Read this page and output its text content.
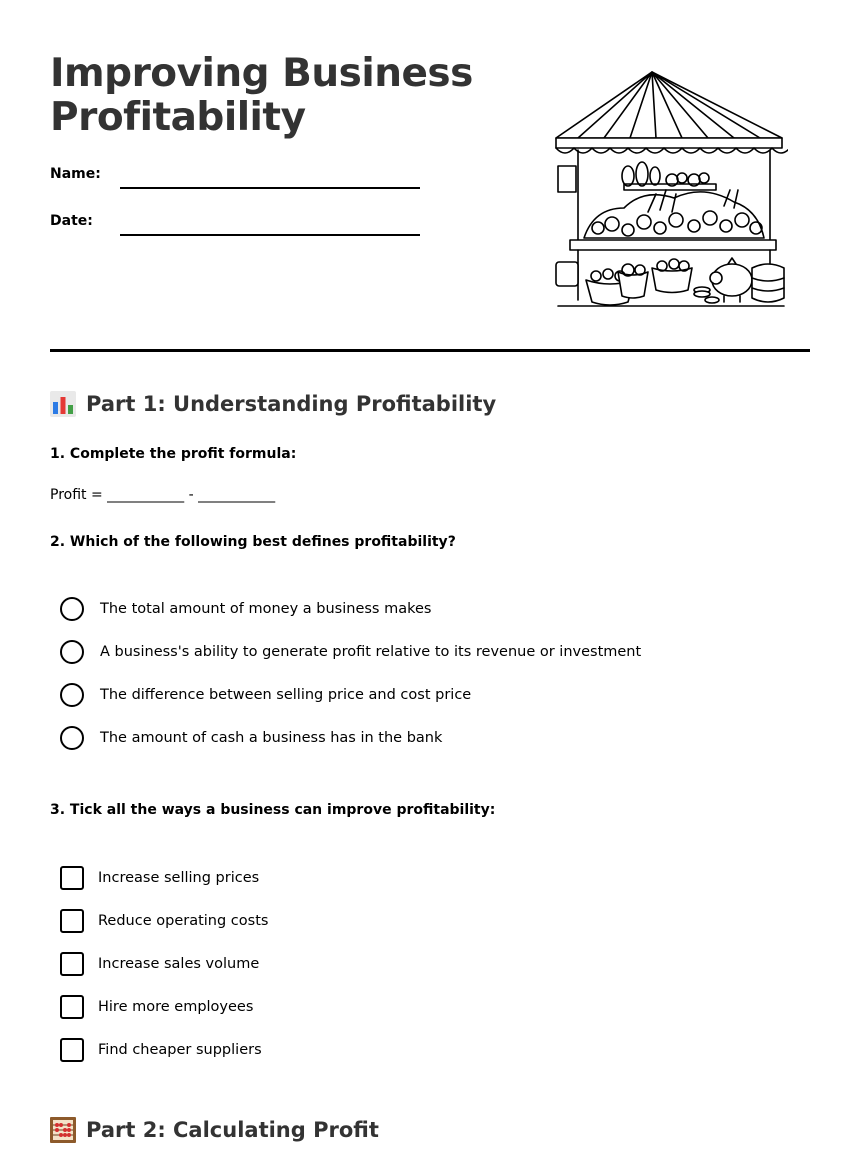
Improving Business Profitability
Name:
Date:
Part 1: Understanding Profitability

1. Complete the profit formula:

Profit = ___________ - ___________

2. Which of the following best defines profitability?

The total amount of money a business makes
A business's ability to generate profit relative to its revenue or investment
The difference between selling price and cost price
The amount of cash a business has in the bank

3. Tick all the ways a business can improve profitability:

Increase selling prices
Reduce operating costs
Increase sales volume
Hire more employees
Find cheaper suppliers
Part 2: Calculating Profit
